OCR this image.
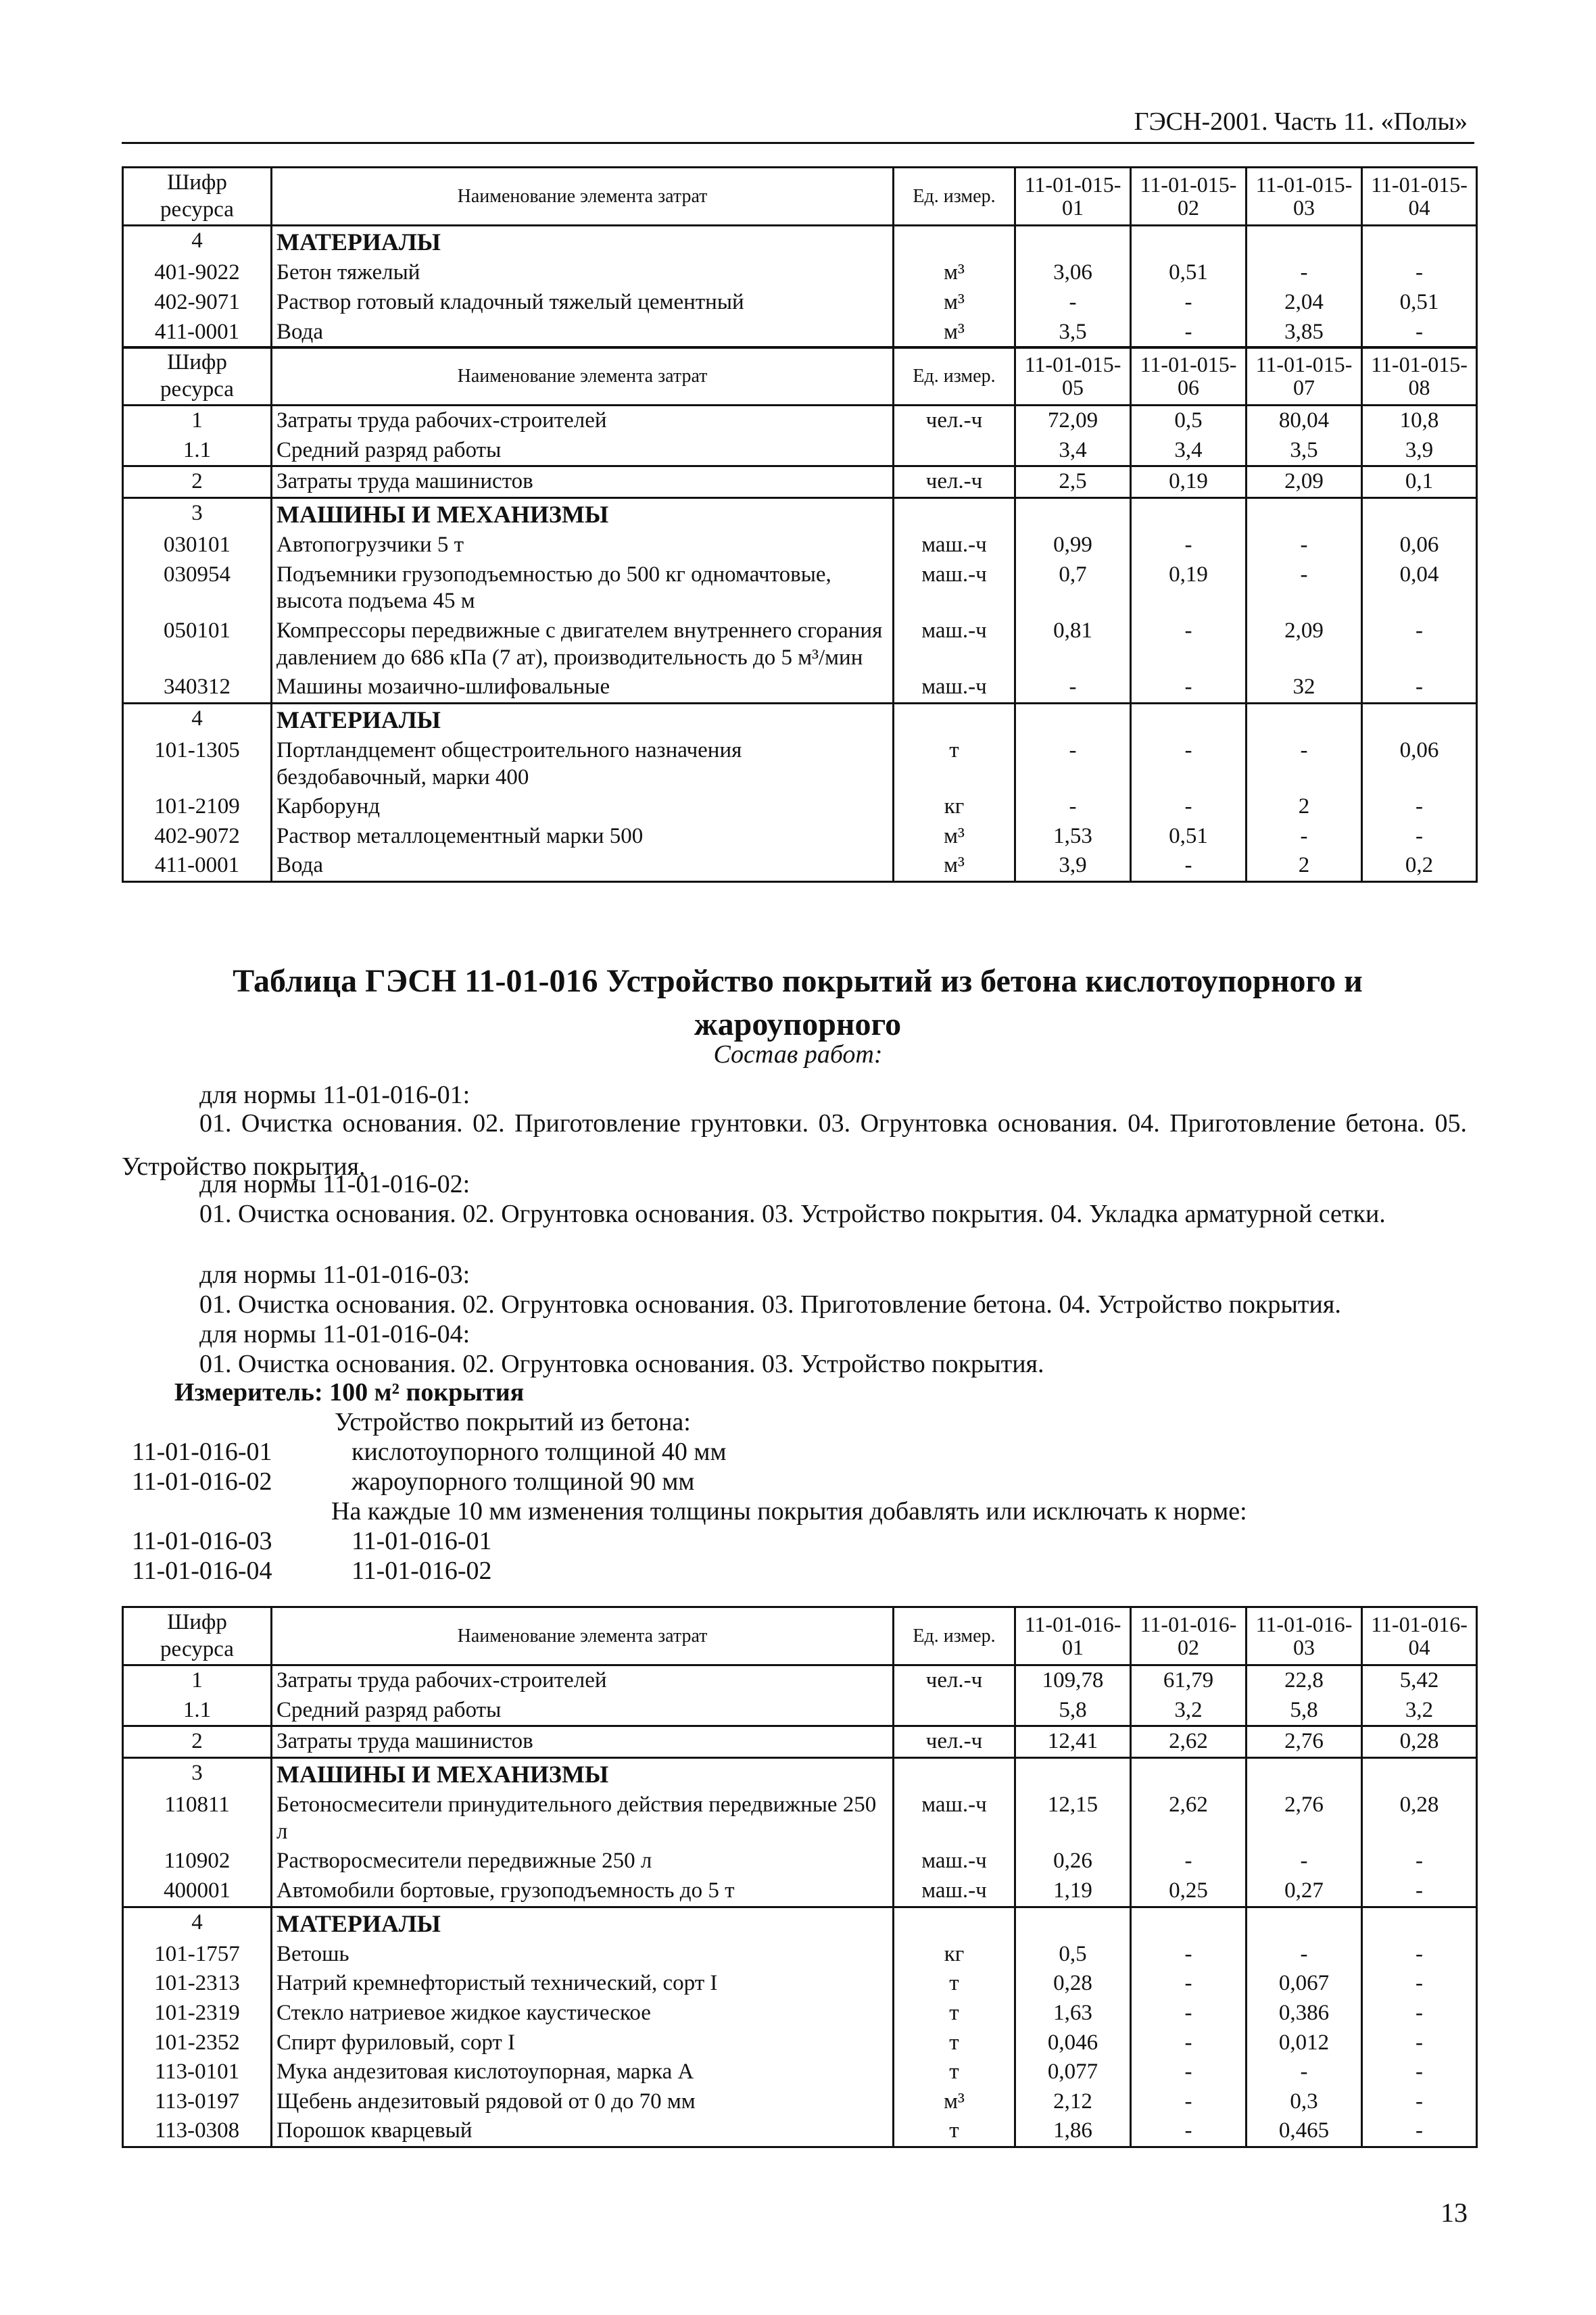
ГЭСН-2001. Часть 11. «Полы»
Шифр ресурса	Наименование элемента затрат	Ед. измер.	11-01-015-01	11-01-015-02	11-01-015-03	11-01-015-04
4	МАТЕРИАЛЫ					
401-9022	Бетон тяжелый	м³	3,06	0,51	-	-
402-9071	Раствор готовый кладочный тяжелый цементный	м³	-	-	2,04	0,51
411-0001	Вода	м³	3,5	-	3,85	-
Шифр ресурса	Наименование элемента затрат	Ед. измер.	11-01-015-05	11-01-015-06	11-01-015-07	11-01-015-08
1	Затраты труда рабочих-строителей	чел.-ч	72,09	0,5	80,04	10,8
1.1	Средний разряд работы		3,4	3,4	3,5	3,9
2	Затраты труда машинистов	чел.-ч	2,5	0,19	2,09	0,1
3	МАШИНЫ И МЕХАНИЗМЫ					
030101	Автопогрузчики 5 т	маш.-ч	0,99	-	-	0,06
030954	Подъемники грузоподъемностью до 500 кг одномачтовые, высота подъема 45 м	маш.-ч	0,7	0,19	-	0,04
050101	Компрессоры передвижные с двигателем внутреннего сгорания давлением до 686 кПа (7 ат), производительность до 5 м³/мин	маш.-ч	0,81	-	2,09	-
340312	Машины мозаично-шлифовальные	маш.-ч	-	-	32	-
4	МАТЕРИАЛЫ					
101-1305	Портландцемент общестроительного назначения бездобавочный, марки 400	т	-	-	-	0,06
101-2109	Карборунд	кг	-	-	2	-
402-9072	Раствор металлоцементный марки 500	м³	1,53	0,51	-	-
411-0001	Вода	м³	3,9	-	2	0,2
Таблица ГЭСН 11-01-016 Устройство покрытий из бетона кислотоупорного и жароупорного
Состав работ:
для нормы 11-01-016-01:
01. Очистка основания. 02. Приготовление грунтовки. 03. Огрунтовка основания. 04. Приготовление бетона. 05. Устройство покрытия.
для нормы 11-01-016-02:
01. Очистка основания. 02. Огрунтовка основания. 03. Устройство покрытия. 04. Укладка арматурной сетки.
для нормы 11-01-016-03:
01. Очистка основания. 02. Огрунтовка основания. 03. Приготовление бетона. 04. Устройство покрытия.
для нормы 11-01-016-04:
01. Очистка основания. 02. Огрунтовка основания. 03. Устройство покрытия.
Измеритель: 100 м² покрытия
Устройство покрытий из бетона:
11-01-016-01	кислотоупорного толщиной 40 мм
11-01-016-02	жароупорного толщиной 90 мм
На каждые 10 мм изменения толщины покрытия добавлять или исключать к норме:
11-01-016-03	11-01-016-01
11-01-016-04	11-01-016-02
Шифр ресурса	Наименование элемента затрат	Ед. измер.	11-01-016-01	11-01-016-02	11-01-016-03	11-01-016-04
1	Затраты труда рабочих-строителей	чел.-ч	109,78	61,79	22,8	5,42
1.1	Средний разряд работы		5,8	3,2	5,8	3,2
2	Затраты труда машинистов	чел.-ч	12,41	2,62	2,76	0,28
3	МАШИНЫ И МЕХАНИЗМЫ					
110811	Бетоносмесители принудительного действия передвижные 250 л	маш.-ч	12,15	2,62	2,76	0,28
110902	Растворосмесители передвижные 250 л	маш.-ч	0,26	-	-	-
400001	Автомобили бортовые, грузоподъемность до 5 т	маш.-ч	1,19	0,25	0,27	-
4	МАТЕРИАЛЫ					
101-1757	Ветошь	кг	0,5	-	-	-
101-2313	Натрий кремнефтористый технический, сорт I	т	0,28	-	0,067	-
101-2319	Стекло натриевое жидкое каустическое	т	1,63	-	0,386	-
101-2352	Спирт фуриловый, сорт I	т	0,046	-	0,012	-
113-0101	Мука андезитовая кислотоупорная, марка А	т	0,077	-	-	-
113-0197	Щебень андезитовый рядовой от 0 до 70 мм	м³	2,12	-	0,3	-
113-0308	Порошок кварцевый	т	1,86	-	0,465	-
13
